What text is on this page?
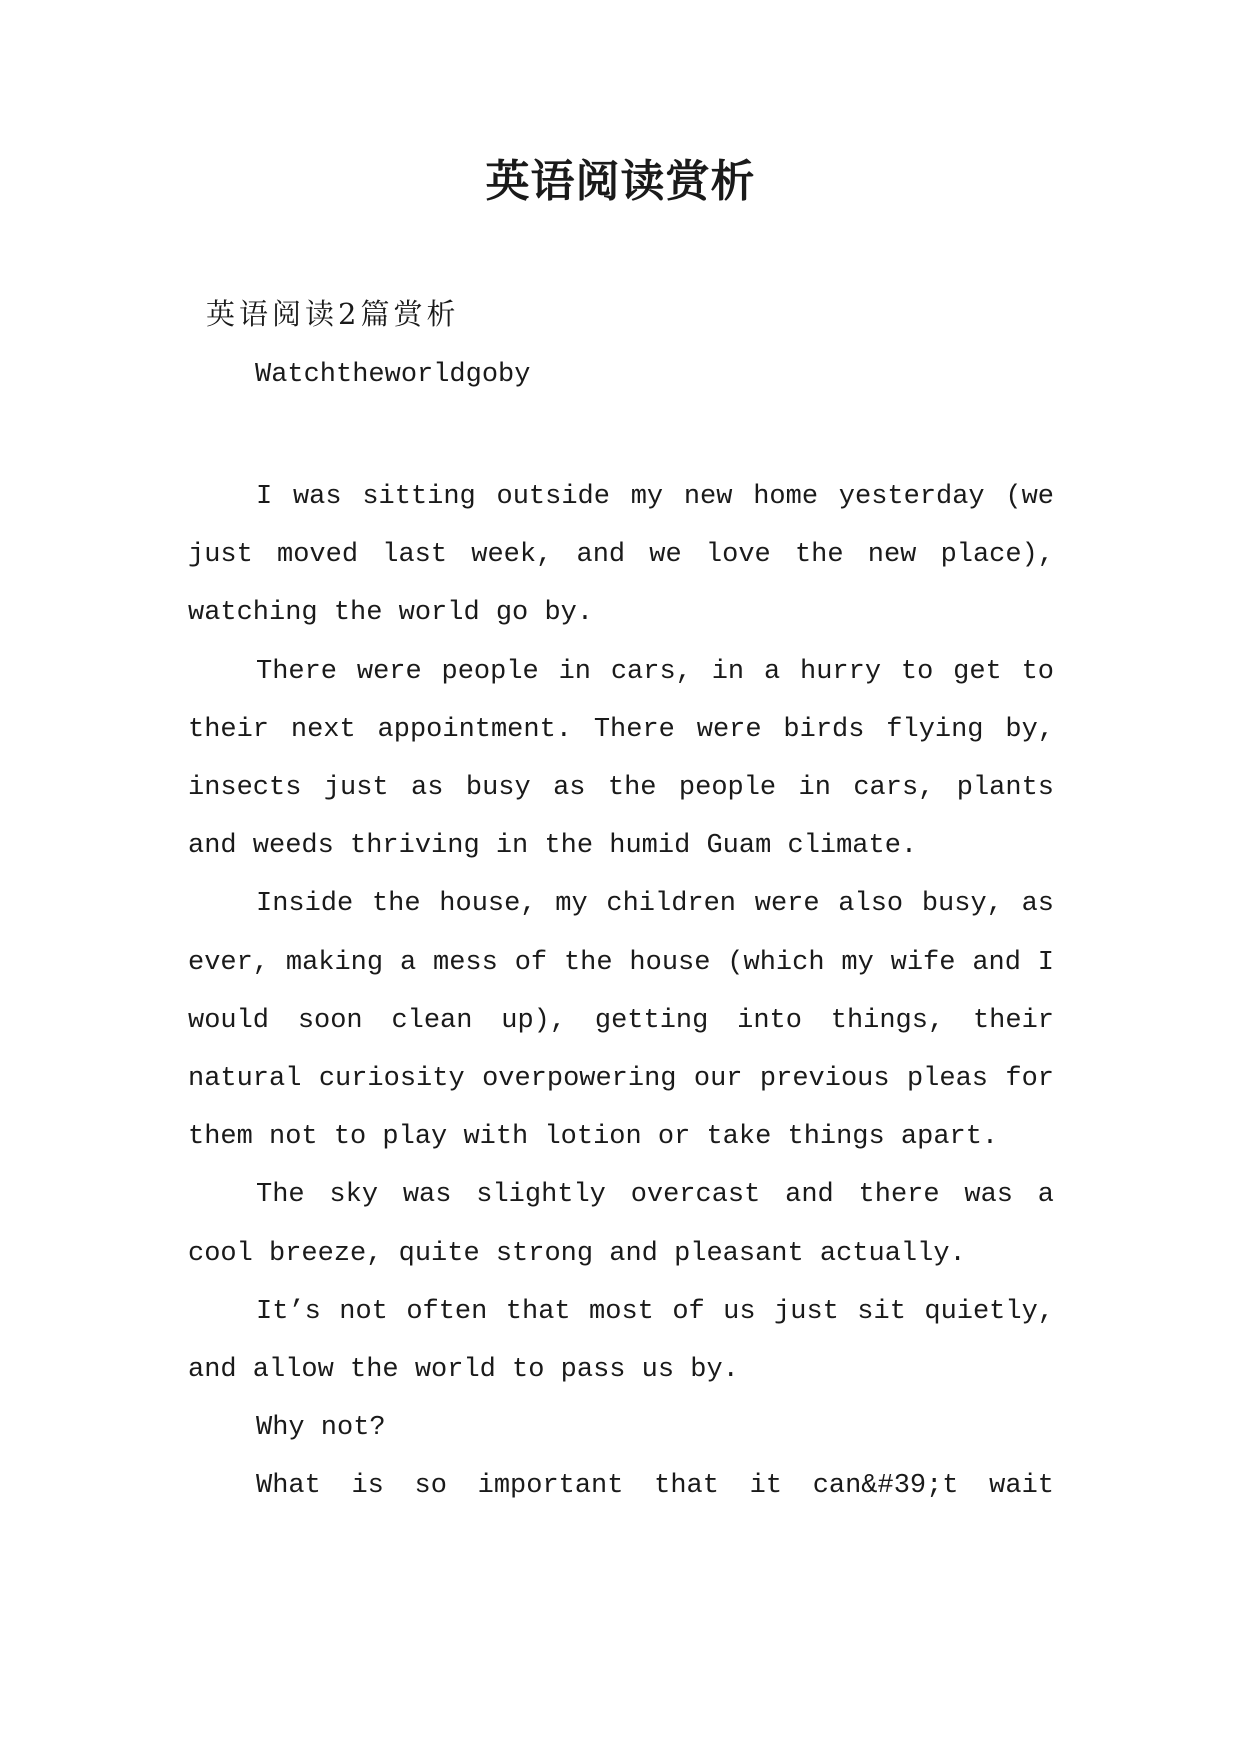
英语阅读赏析
英语阅读2篇赏析
Watchtheworldgoby

I was sitting outside my new home yesterday (we just moved last week, and we love the new place), watching the world go by.

There were people in cars, in a hurry to get to their next appointment. There were birds flying by, insects just as busy as the people in cars, plants and weeds thriving in the humid Guam climate.

Inside the house, my children were also busy, as ever, making a mess of the house (which my wife and I would soon clean up), getting into things, their natural curiosity overpowering our previous pleas for them not to play with lotion or take things apart.

The sky was slightly overcast and there was a cool breeze, quite strong and pleasant actually.

It’s not often that most of us just sit quietly, and allow the world to pass us by.

Why not?

What is so important that it can&#39;t wait
